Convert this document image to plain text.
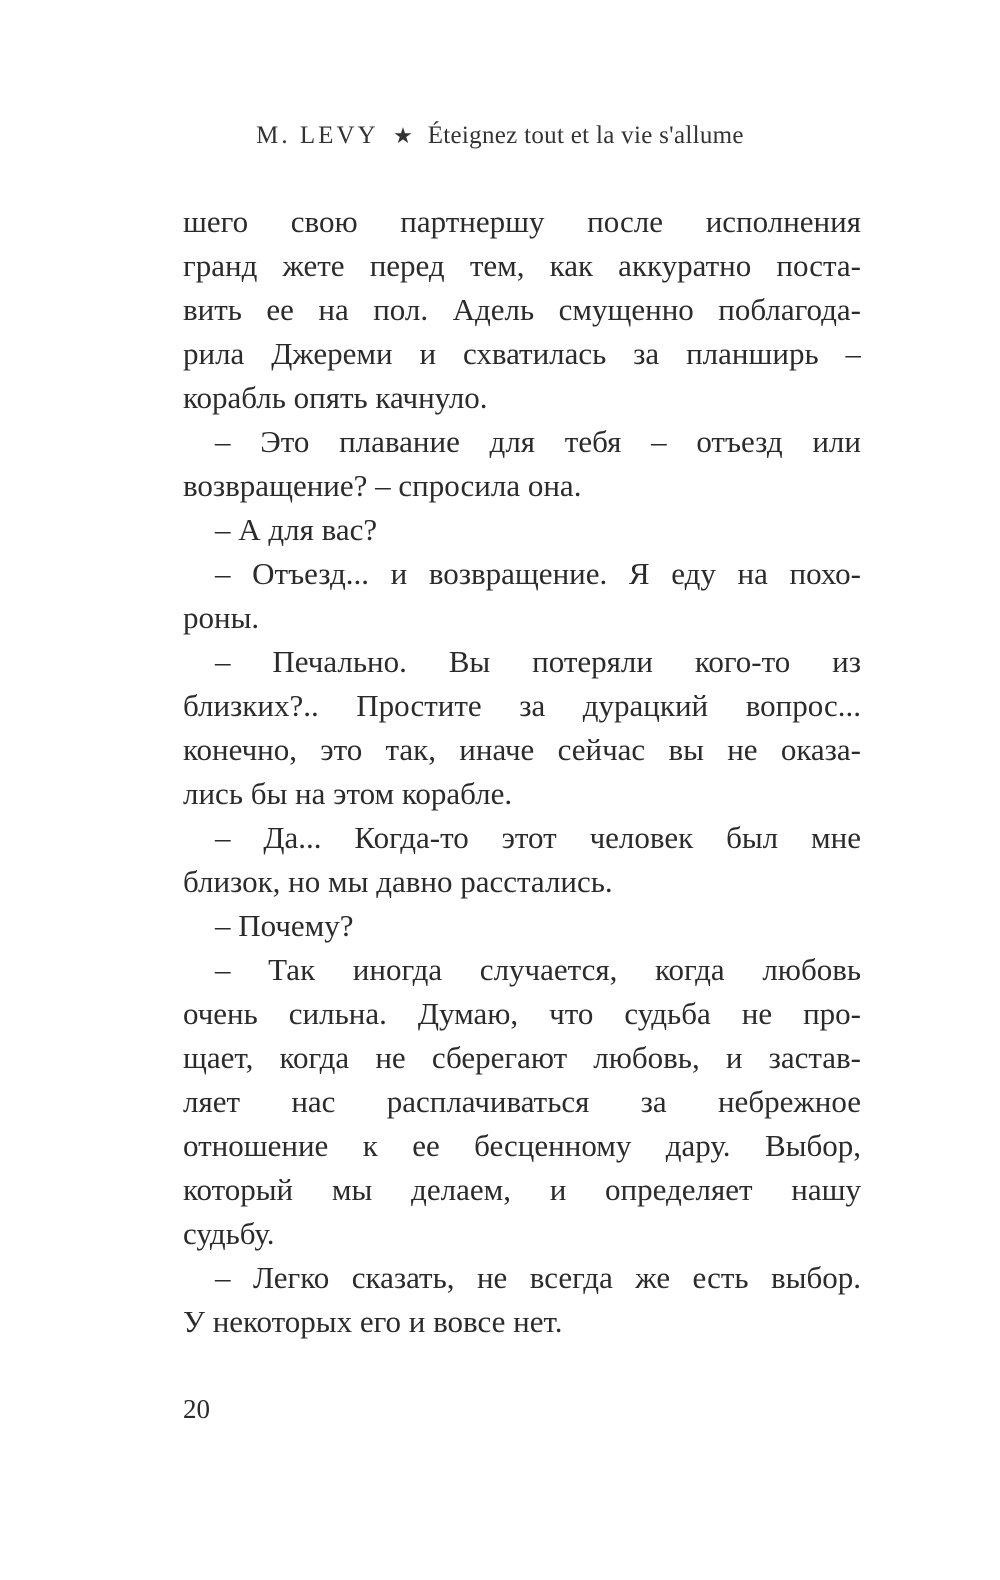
M. LEVY ★ Éteignez tout et la vie s'allume
шего свою партнершу после исполнения
гранд жете перед тем, как аккуратно поста-
вить ее на пол. Адель смущенно поблагода-
рила Джереми и схватилась за планширь –
корабль опять качнуло.
– Это плавание для тебя – отъезд или
возвращение? – спросила она.
– А для вас?
– Отъезд... и возвращение. Я еду на похо-
роны.
– Печально. Вы потеряли кого-то из
близких?.. Простите за дурацкий вопрос...
конечно, это так, иначе сейчас вы не оказа-
лись бы на этом корабле.
– Да... Когда-то этот человек был мне
близок, но мы давно расстались.
– Почему?
– Так иногда случается, когда любовь
очень сильна. Думаю, что судьба не про-
щает, когда не сберегают любовь, и застав-
ляет нас расплачиваться за небрежное
отношение к ее бесценному дару. Выбор,
который мы делаем, и определяет нашу
судьбу.
– Легко сказать, не всегда же есть выбор.
У некоторых его и вовсе нет.
20
